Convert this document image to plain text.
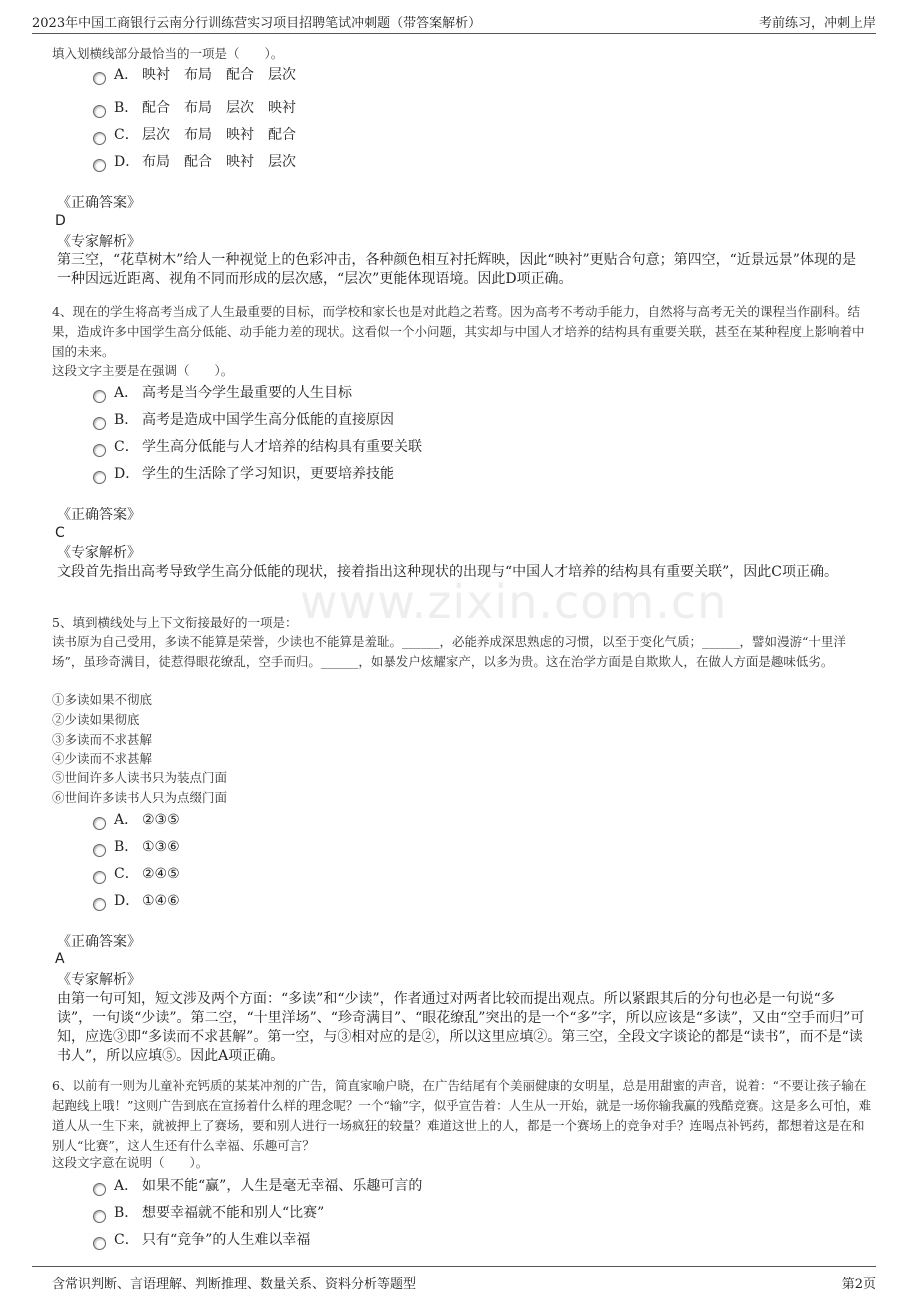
2023年中国工商银行云南分行训练营实习项目招聘笔试冲刺题（带答案解析）	考前练习，冲刺上岸
www.zixin.com.cn
填入划横线部分最恰当的一项是（　　）。
A． 映衬　布局　配合　层次
B． 配合　布局　层次　映衬
C． 层次　布局　映衬　配合
D． 布局　配合　映衬　层次
《正确答案》
D
《专家解析》
第三空，“花草树木”给人一种视觉上的色彩冲击，各种颜色相互衬托辉映，因此“映衬”更贴合句意；第四空，“近景远景”体现的是一种因远近距离、视角不同而形成的层次感，“层次”更能体现语境。因此D项正确。
4、现在的学生将高考当成了人生最重要的目标，而学校和家长也是对此趋之若骛。因为高考不考动手能力，自然将与高考无关的课程当作副科。结果，造成许多中国学生高分低能、动手能力差的现状。这看似一个小问题，其实却与中国人才培养的结构具有重要关联，甚至在某种程度上影响着中国的未来。
这段文字主要是在强调（　　）。
A． 高考是当今学生最重要的人生目标
B． 高考是造成中国学生高分低能的直接原因
C． 学生高分低能与人才培养的结构具有重要关联
D． 学生的生活除了学习知识，更要培养技能
《正确答案》
C
《专家解析》
文段首先指出高考导致学生高分低能的现状，接着指出这种现状的出现与“中国人才培养的结构具有重要关联”，因此C项正确。
5、填到横线处与上下文衔接最好的一项是：
读书原为自己受用，多读不能算是荣誉，少读也不能算是羞耻。______，必能养成深思熟虑的习惯，以至于变化气质；______，譬如漫游“十里洋场”，虽珍奇满目，徒惹得眼花缭乱，空手而归。______，如暴发户炫耀家产，以多为贵。这在治学方面是自欺欺人，在做人方面是趣味低劣。
①多读如果不彻底
②少读如果彻底
③多读而不求甚解
④少读而不求甚解
⑤世间许多人读书只为装点门面
⑥世间许多读书人只为点缀门面
A． ②③⑤
B． ①③⑥
C． ②④⑤
D． ①④⑥
《正确答案》
A
《专家解析》
由第一句可知，短文涉及两个方面：“多读”和“少读”，作者通过对两者比较而提出观点。所以紧跟其后的分句也必是一句说“多读”，一句谈“少读”。第二空，“十里洋场”、“珍奇满目”、“眼花缭乱”突出的是一个“多”字，所以应该是“多读”，又由“空手而归”可知，应选③即“多读而不求甚解”。第一空，与③相对应的是②，所以这里应填②。第三空，全段文字谈论的都是“读书”，而不是“读书人”，所以应填⑤。因此A项正确。
6、以前有一则为儿童补充钙质的某某冲剂的广告，简直家喻户晓，在广告结尾有个美丽健康的女明星，总是用甜蜜的声音，说着：“不要让孩子输在起跑线上哦！”这则广告到底在宣扬着什么样的理念呢？一个“输”字，似乎宣告着：人生从一开始，就是一场你输我赢的残酷竞赛。这是多么可怕，难道人从一生下来，就被押上了赛场，要和别人进行一场疯狂的较量？难道这世上的人，都是一个赛场上的竞争对手？连喝点补钙药，都想着这是在和别人“比赛”，这人生还有什么幸福、乐趣可言？
这段文字意在说明（　　）。
A． 如果不能“赢”，人生是毫无幸福、乐趣可言的
B． 想要幸福就不能和别人“比赛”
C． 只有“竞争”的人生难以幸福
含常识判断、言语理解、判断推理、数量关系、资料分析等题型	第2页
